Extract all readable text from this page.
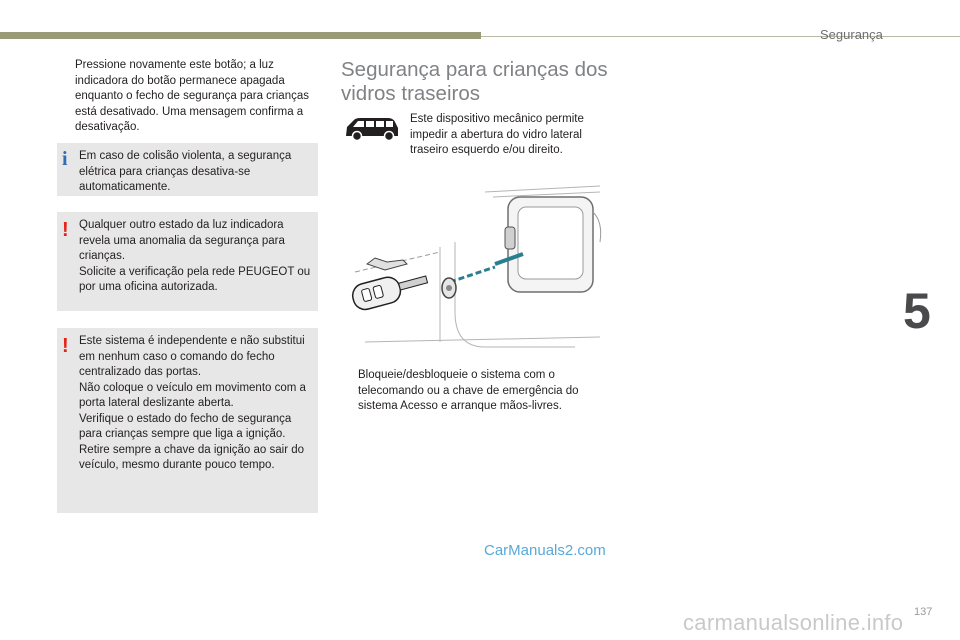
Segurança
5
Pressione novamente este botão; a luz indicadora do botão permanece apagada enquanto o fecho de segurança para crianças está desativado. Uma mensagem confirma a desativação.
i Em caso de colisão violenta, a segurança elétrica para crianças desativa-se automaticamente.
! Qualquer outro estado da luz indicadora revela uma anomalia da segurança para crianças.
Solicite a verificação pela rede PEUGEOT ou por uma oficina autorizada.
! Este sistema é independente e não substitui em nenhum caso o comando do fecho centralizado das portas.
Não coloque o veículo em movimento com a porta lateral deslizante aberta.
Verifique o estado do fecho de segurança para crianças sempre que liga a ignição.
Retire sempre a chave da ignição ao sair do veículo, mesmo durante pouco tempo.
Segurança para crianças dos vidros traseiros
Este dispositivo mecânico permite impedir a abertura do vidro lateral traseiro esquerdo e/ou direito.
Bloqueie/desbloqueie o sistema com o telecomando ou a chave de emergência do sistema Acesso e arranque mãos-livres.
CarManuals2.com
carmanualsonline.info 137
